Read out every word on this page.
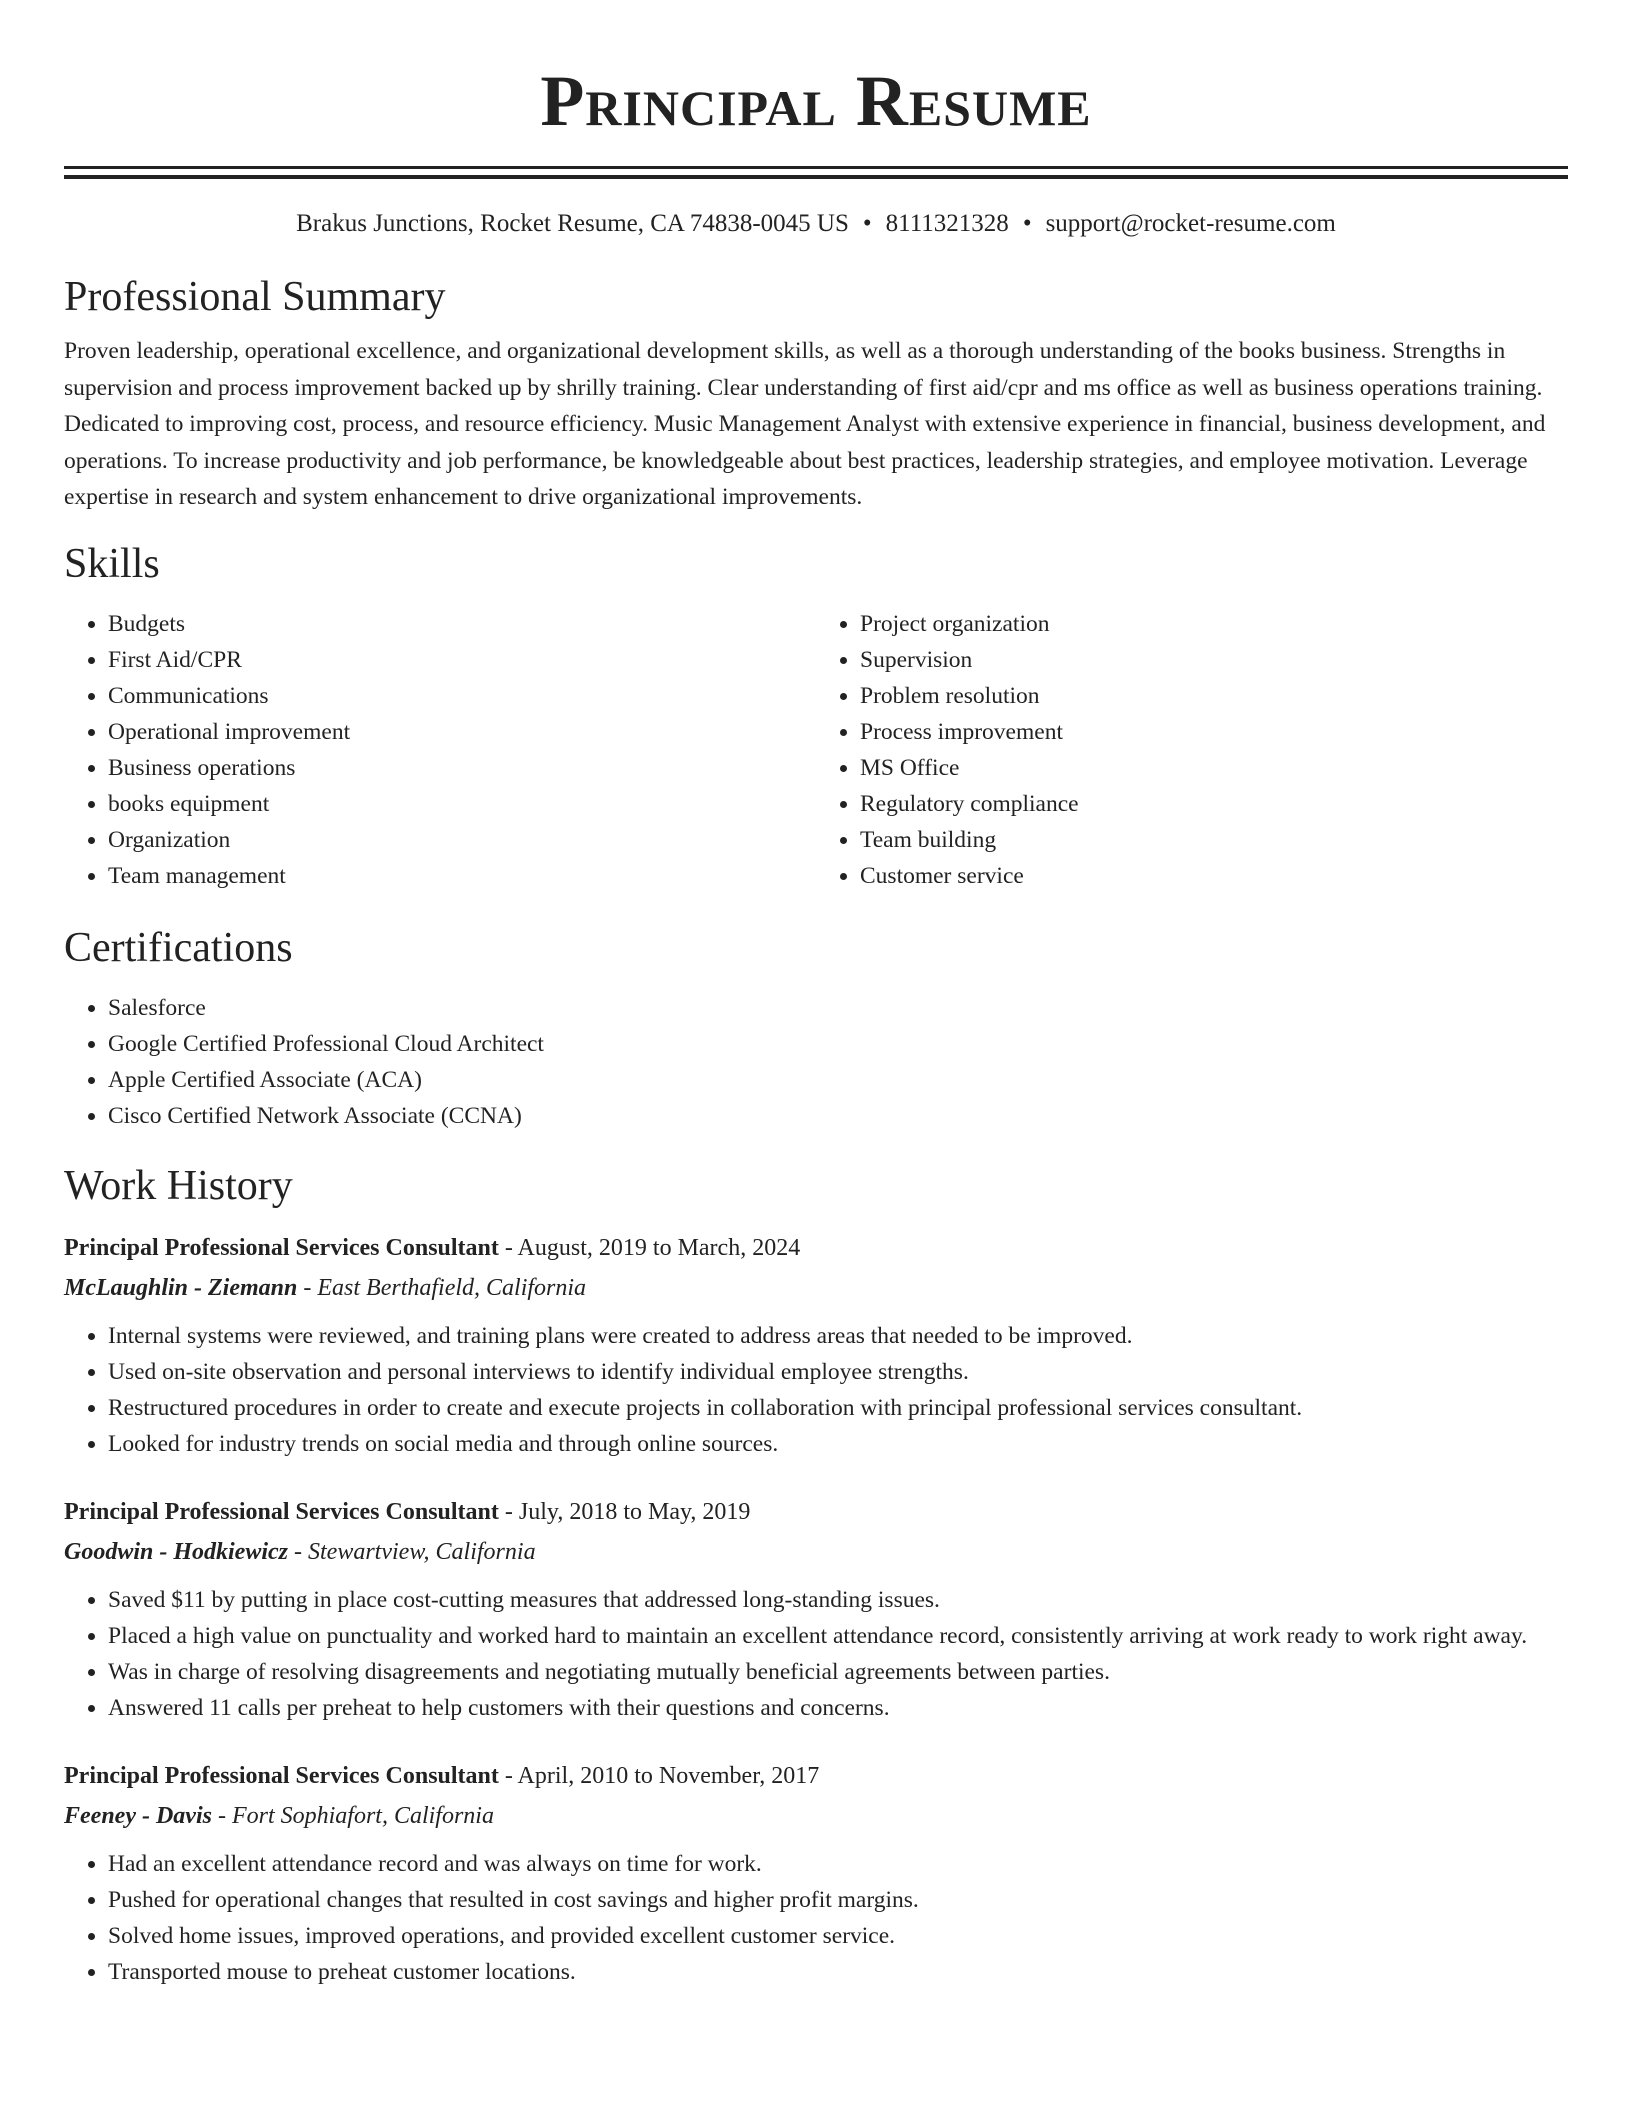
Principal Resume
Brakus Junctions, Rocket Resume, CA 74838-0045 US • 8111321328 • support@rocket-resume.com
Professional Summary

Proven leadership, operational excellence, and organizational development skills, as well as a thorough understanding of the books business. Strengths in supervision and process improvement backed up by shrilly training. Clear understanding of first aid/cpr and ms office as well as business operations training. Dedicated to improving cost, process, and resource efficiency. Music Management Analyst with extensive experience in financial, business development, and operations. To increase productivity and job performance, be knowledgeable about best practices, leadership strategies, and employee motivation. Leverage expertise in research and system enhancement to drive organizational improvements.

Skills
• Budgets
• First Aid/CPR
• Communications
• Operational improvement
• Business operations
• books equipment
• Organization
• Team management
• Project organization
• Supervision
• Problem resolution
• Process improvement
• MS Office
• Regulatory compliance
• Team building
• Customer service
Certifications
• Salesforce
• Google Certified Professional Cloud Architect
• Apple Certified Associate (ACA)
• Cisco Certified Network Associate (CCNA)
Work History
Principal Professional Services Consultant - August, 2019 to March, 2024
McLaughlin - Ziemann - East Berthafield, California
• Internal systems were reviewed, and training plans were created to address areas that needed to be improved.
• Used on-site observation and personal interviews to identify individual employee strengths.
• Restructured procedures in order to create and execute projects in collaboration with principal professional services consultant.
• Looked for industry trends on social media and through online sources.
Principal Professional Services Consultant - July, 2018 to May, 2019
Goodwin - Hodkiewicz - Stewartview, California
• Saved $11 by putting in place cost-cutting measures that addressed long-standing issues.
• Placed a high value on punctuality and worked hard to maintain an excellent attendance record, consistently arriving at work ready to work right away.
• Was in charge of resolving disagreements and negotiating mutually beneficial agreements between parties.
• Answered 11 calls per preheat to help customers with their questions and concerns.
Principal Professional Services Consultant - April, 2010 to November, 2017
Feeney - Davis - Fort Sophiafort, California
• Had an excellent attendance record and was always on time for work.
• Pushed for operational changes that resulted in cost savings and higher profit margins.
• Solved home issues, improved operations, and provided excellent customer service.
• Transported mouse to preheat customer locations.
